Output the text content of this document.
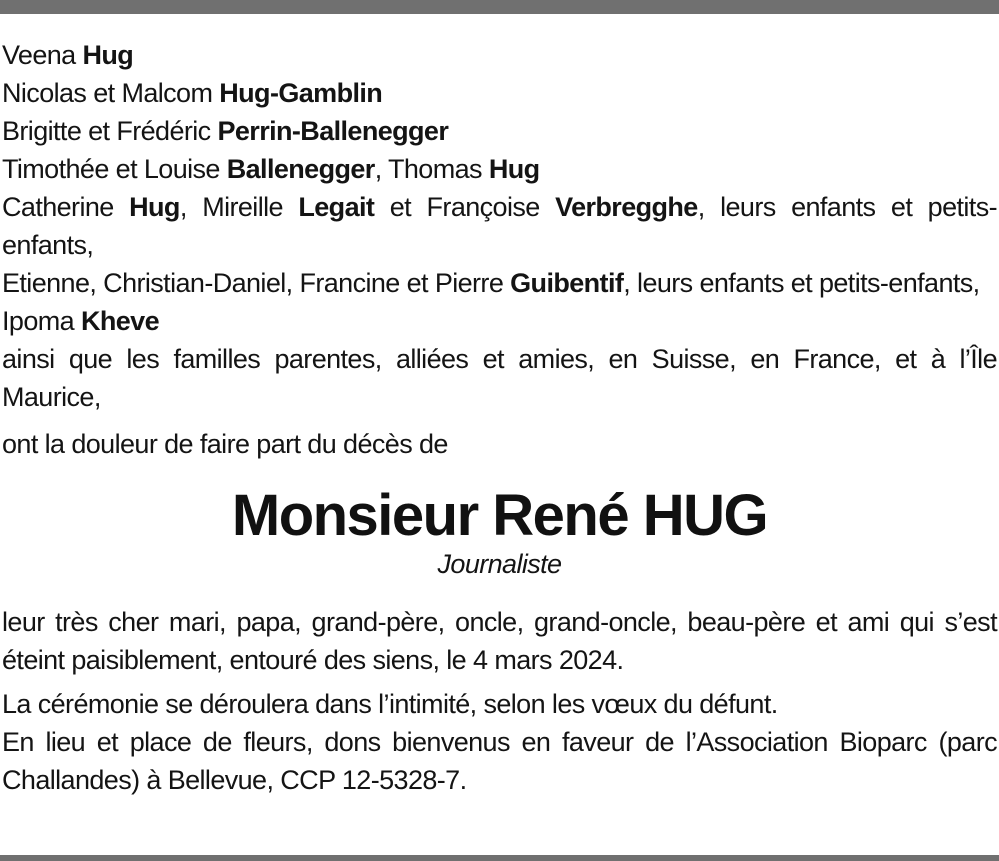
Veena Hug
Nicolas et Malcom Hug-Gamblin
Brigitte et Frédéric Perrin-Ballenegger
Timothée et Louise Ballenegger, Thomas Hug
Catherine Hug, Mireille Legait et Françoise Verbregghe, leurs enfants et petits-enfants,
Etienne, Christian-Daniel, Francine et Pierre Guibentif, leurs enfants et petits-enfants,
Ipoma Kheve
ainsi que les familles parentes, alliées et amies, en Suisse, en France, et à l’Île Maurice,
ont la douleur de faire part du décès de
Monsieur René HUG
Journaliste
leur très cher mari, papa, grand-père, oncle, grand-oncle, beau-père et ami qui s’est éteint paisiblement, entouré des siens, le 4 mars 2024.
La cérémonie se déroulera dans l’intimité, selon les vœux du défunt.
En lieu et place de fleurs, dons bienvenus en faveur de l’Association Bioparc (parc Challandes) à Bellevue, CCP 12-5328-7.
